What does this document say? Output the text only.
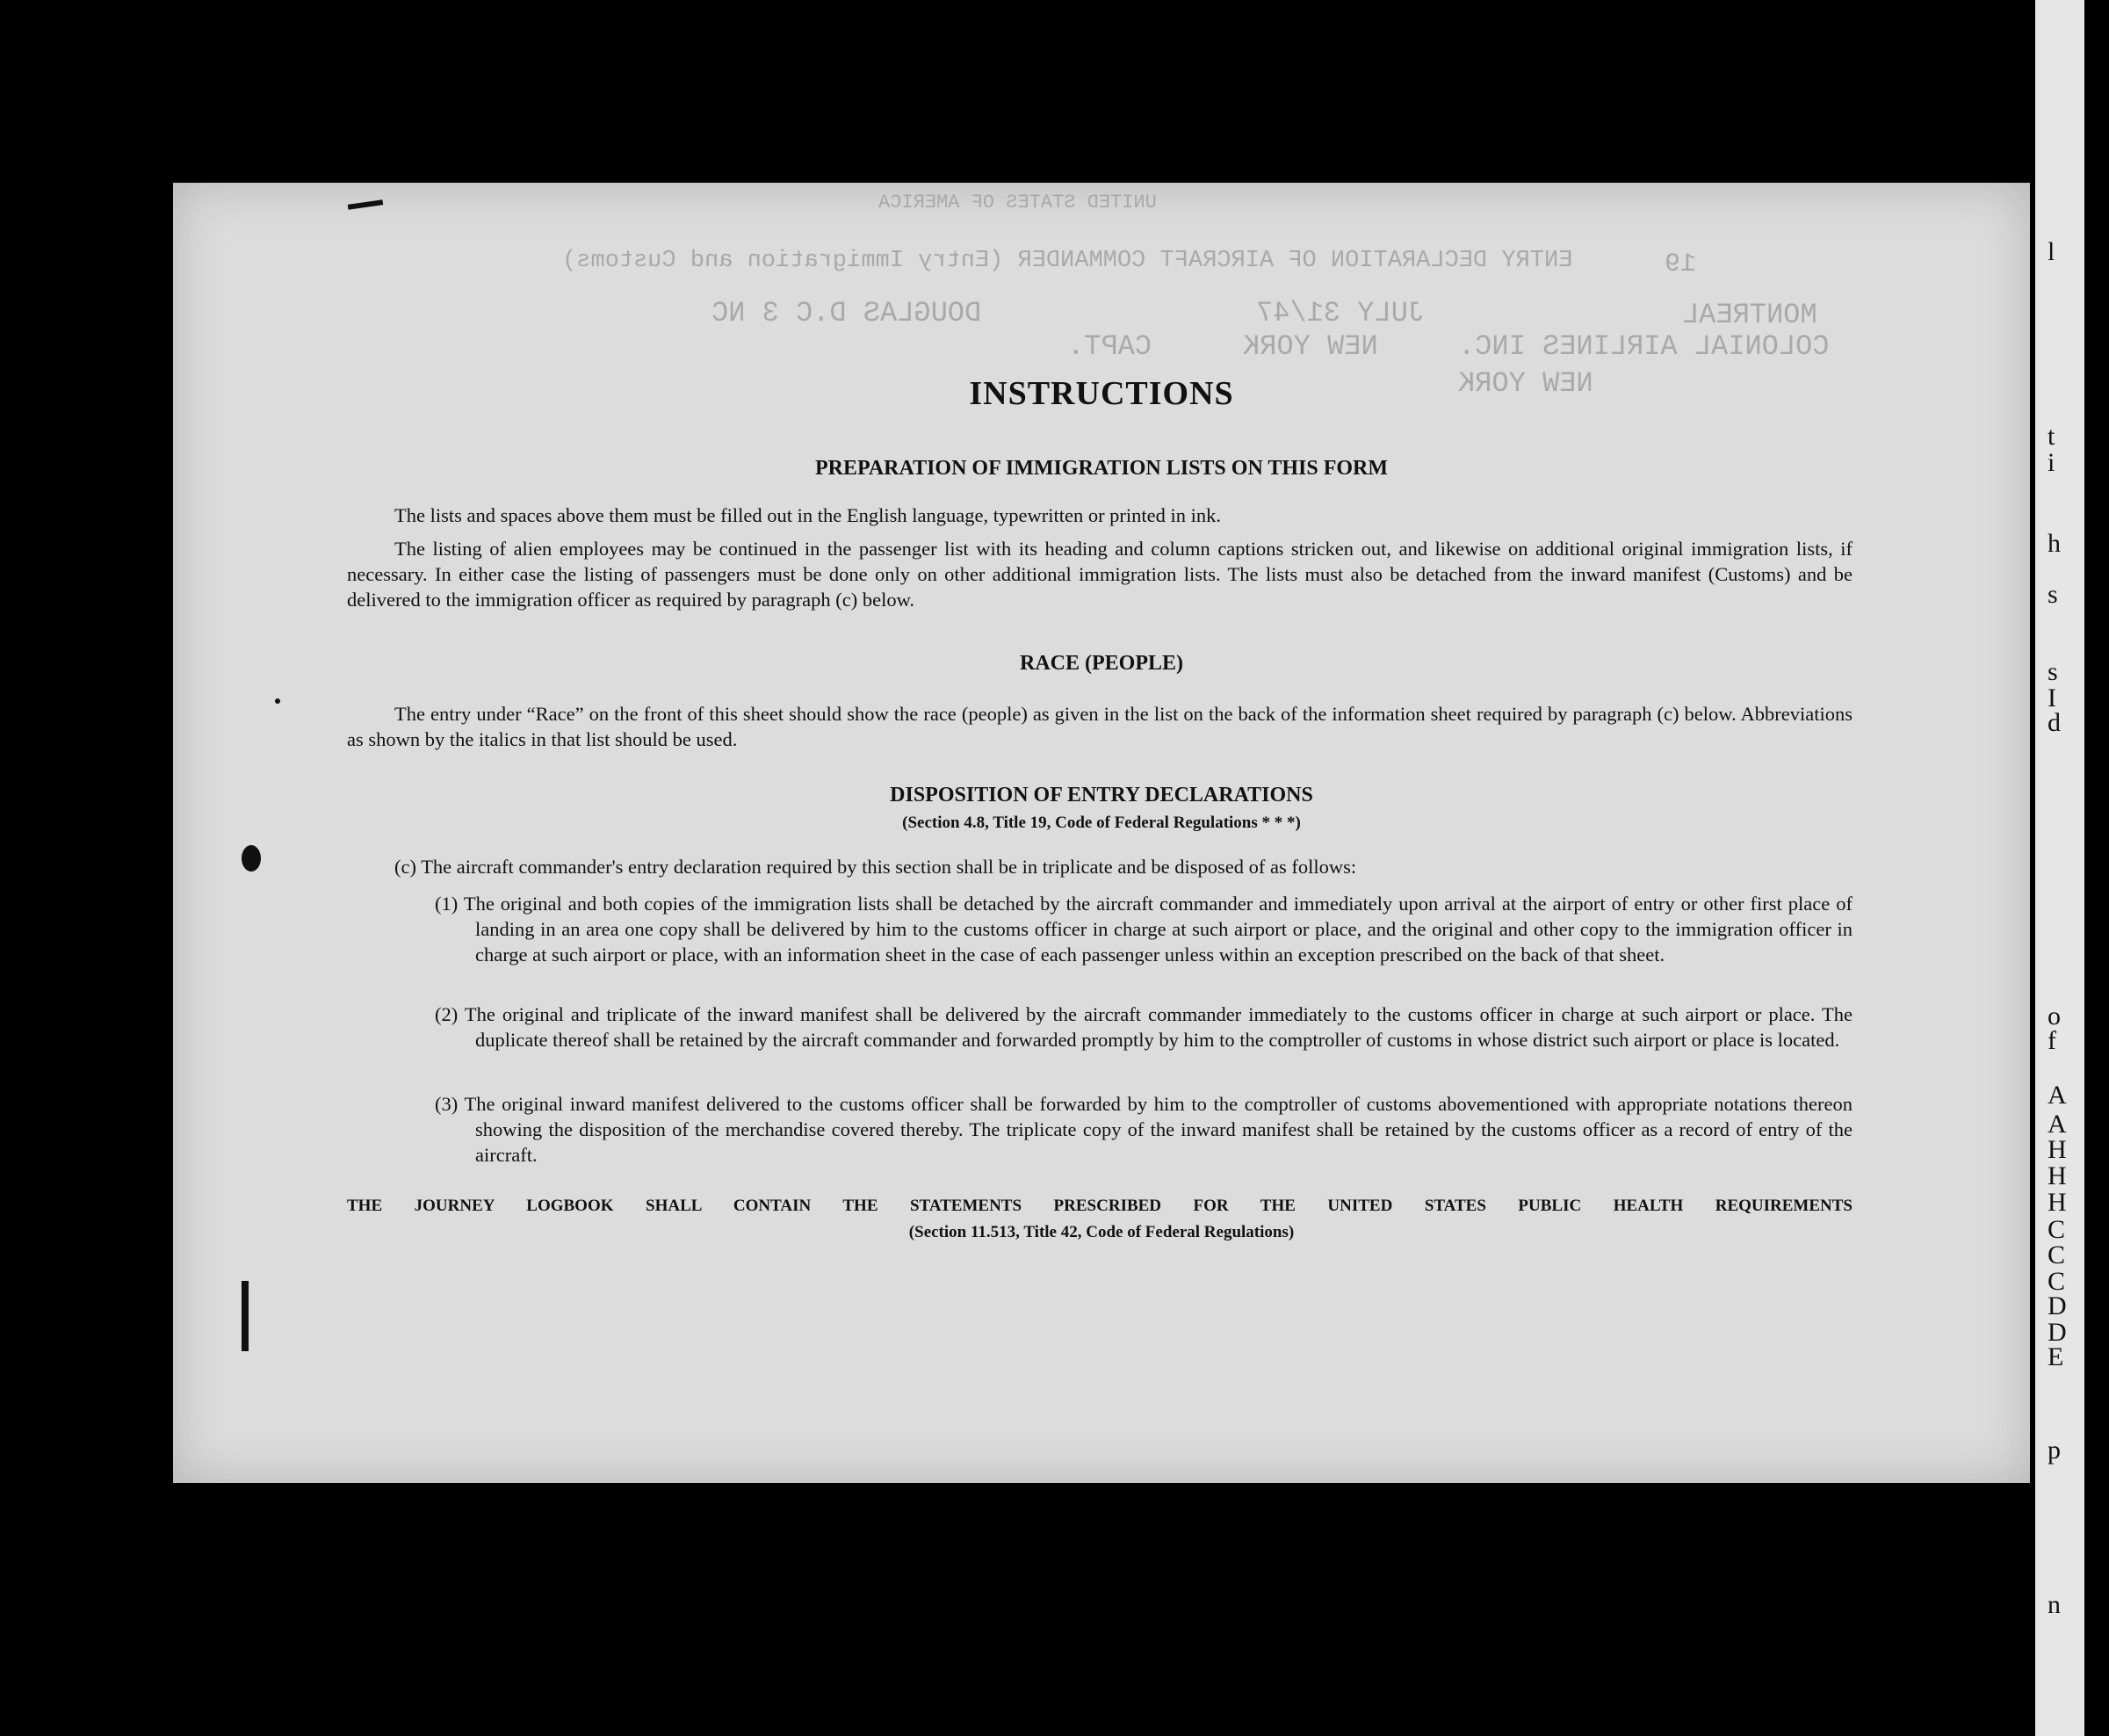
UNITED STATES OF AMERICA
ENTRY DECLARATION OF AIRCRAFT COMMANDER (Entry Immigration and Customs)	19
MONTREAL
JULY 31/47
DOUGLAS D.C 3 NC
COLONIAL AIRLINES INC.
NEW YORK
CAPT.
NEW YORK
l
t
i
h
s
s
I
d
o
f
A
A
H
H
H
C
C
C
D
D
E
p
n
INSTRUCTIONS
PREPARATION OF IMMIGRATION LISTS ON THIS FORM
The lists and spaces above them must be filled out in the English language, typewritten or printed in ink.
The listing of alien employees may be continued in the passenger list with its heading and column captions stricken out, and likewise on additional original immigration lists, if necessary. In either case the listing of passengers must be done only on other additional immigration lists. The lists must also be detached from the inward manifest (Customs) and be delivered to the immigration officer as required by paragraph (c) below.
RACE (PEOPLE)
The entry under “Race” on the front of this sheet should show the race (people) as given in the list on the back of the information sheet required by paragraph (c) below. Abbreviations as shown by the italics in that list should be used.
DISPOSITION OF ENTRY DECLARATIONS
(Section 4.8, Title 19, Code of Federal Regulations * * *)
(c) The aircraft commander's entry declaration required by this section shall be in triplicate and be disposed of as follows:
(1) The original and both copies of the immigration lists shall be detached by the aircraft commander and immediately upon arrival at the airport of entry or other first place of landing in an area one copy shall be delivered by him to the customs officer in charge at such airport or place, and the original and other copy to the immigration officer in charge at such airport or place, with an information sheet in the case of each passenger unless within an exception prescribed on the back of that sheet.
(2) The original and triplicate of the inward manifest shall be delivered by the aircraft commander immediately to the customs officer in charge at such airport or place. The duplicate thereof shall be retained by the aircraft commander and forwarded promptly by him to the comptroller of customs in whose district such airport or place is located.
(3) The original inward manifest delivered to the customs officer shall be forwarded by him to the comptroller of customs abovementioned with appropriate notations thereon showing the disposition of the merchandise covered thereby. The triplicate copy of the inward manifest shall be retained by the customs officer as a record of entry of the aircraft.
THE JOURNEY LOGBOOK SHALL CONTAIN THE STATEMENTS PRESCRIBED FOR THE UNITED STATES PUBLIC HEALTH REQUIREMENTS
(Section 11.513, Title 42, Code of Federal Regulations)
